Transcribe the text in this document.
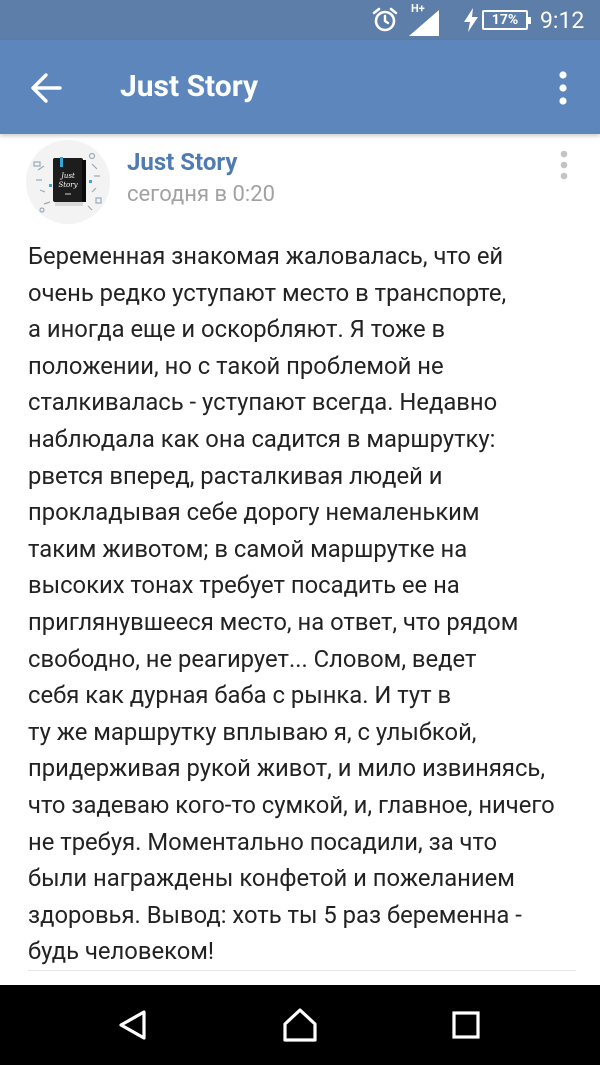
H+
17% 9:12
Just Story
Just
Story
Just Story
сегодня в 0:20

Беременная знакомая жаловалась, что ей
очень редко уступают место в транспорте,
а иногда еще и оскорбляют. Я тоже в
положении, но с такой проблемой не
сталкивалась - уступают всегда. Недавно
наблюдала как она садится в маршрутку:
рвется вперед, расталкивая людей и
прокладывая себе дорогу немаленьким
таким животом; в самой маршрутке на
высоких тонах требует посадить ее на
приглянувшееся место, на ответ, что рядом
свободно, не реагирует... Словом, ведет
себя как дурная баба с рынка. И тут в
ту же маршрутку вплываю я, с улыбкой,
придерживая рукой живот, и мило извиняясь,
что задеваю кого-то сумкой, и, главное, ничего
не требуя. Моментально посадили, за что
были награждены конфетой и пожеланием
здоровья. Вывод: хоть ты 5 раз беременна -
будь человеком!
